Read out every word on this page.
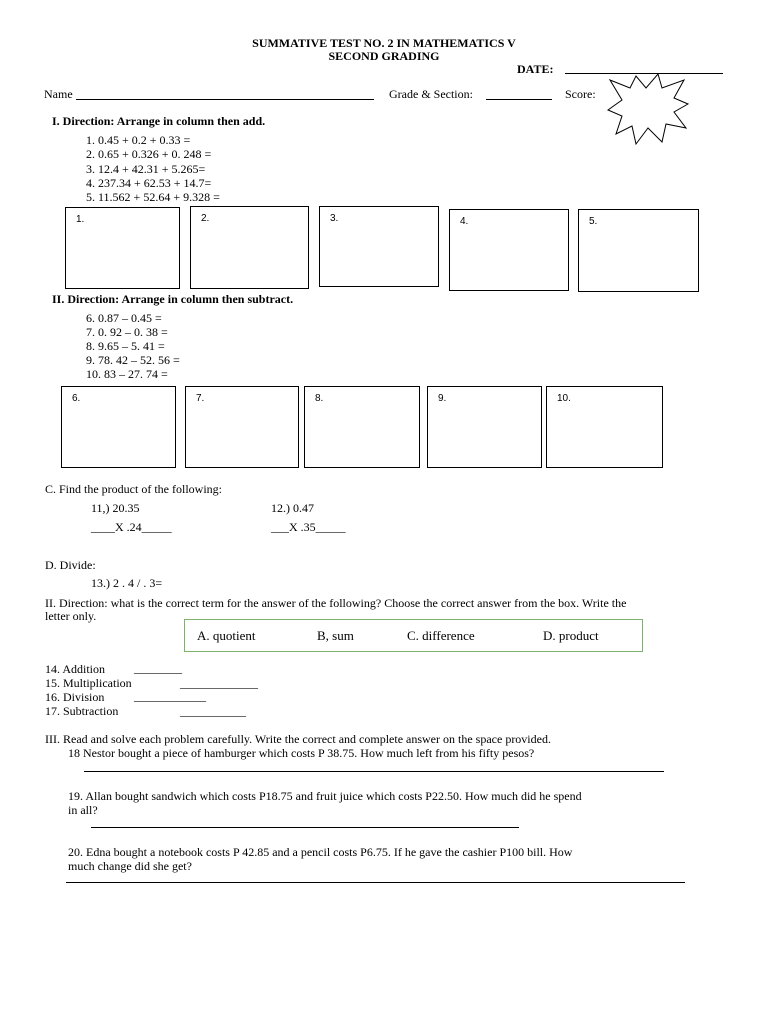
SUMMATIVE TEST NO. 2 IN MATHEMATICS V
SECOND GRADING
DATE:
Name	Grade & Section:	Score:
I. Direction: Arrange in column then add.
1. 0.45 + 0.2 + 0.33 =
2. 0.65 + 0.326 + 0. 248 =
3. 12.4 + 42.31 + 5.265=
4. 237.34 + 62.53 + 14.7=
5. 11.562 + 52.64 + 9.328 =
1.	2.	3.	4.	5.
II. Direction: Arrange in column then subtract.
6. 0.87 – 0.45 =
7. 0. 92 – 0. 38 =
8. 9.65 – 5. 41 =
9. 78. 42 – 52. 56 =
10. 83 – 27. 74 =
6.	7.	8.	9.	10.
C. Find the product of the following:
11,) 20.35
____X .24_____
12.) 0.47
___X .35_____
D. Divide:
13.) 2 . 4 / . 3=
II. Direction: what is the correct term for the answer of the following? Choose the correct answer from the box. Write the
letter only.
A. quotient	B, sum	C. difference	D. product
14. Addition ________
15. Multiplication	_____________
16. Division ____________
17. Subtraction	___________
III. Read and solve each problem carefully. Write the correct and complete answer on the space provided.
18 Nestor bought a piece of hamburger which costs P 38.75. How much left from his fifty pesos?
19. Allan bought sandwich which costs P18.75 and fruit juice which costs P22.50. How much did he spend
in all?
20. Edna bought a notebook costs P 42.85 and a pencil costs P6.75. If he gave the cashier P100 bill. How
much change did she get?
